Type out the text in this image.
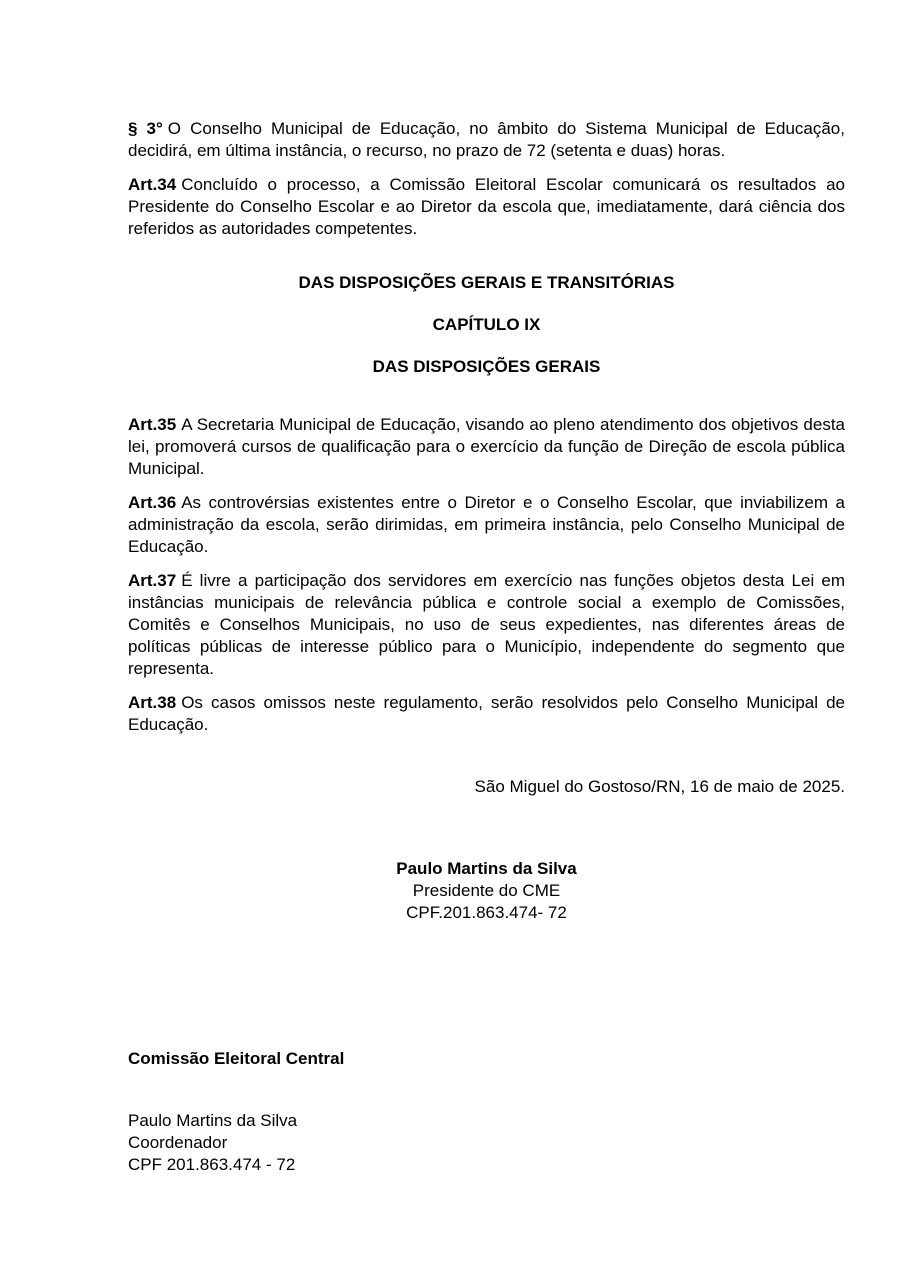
§ 3° O Conselho Municipal de Educação, no âmbito do Sistema Municipal de Educação, decidirá, em última instância, o recurso, no prazo de 72 (setenta e duas) horas.

Art.34 Concluído o processo, a Comissão Eleitoral Escolar comunicará os resultados ao Presidente do Conselho Escolar e ao Diretor da escola que, imediatamente, dará ciência dos referidos as autoridades competentes.

DAS DISPOSIÇÕES GERAIS E TRANSITÓRIAS
CAPÍTULO IX
DAS DISPOSIÇÕES GERAIS

Art.35 A Secretaria Municipal de Educação, visando ao pleno atendimento dos objetivos desta lei, promoverá cursos de qualificação para o exercício da função de Direção de escola pública Municipal.

Art.36 As controvérsias existentes entre o Diretor e o Conselho Escolar, que inviabilizem a administração da escola, serão dirimidas, em primeira instância, pelo Conselho Municipal de Educação.

Art.37 É livre a participação dos servidores em exercício nas funções objetos desta Lei em instâncias municipais de relevância pública e controle social a exemplo de Comissões, Comitês e Conselhos Municipais, no uso de seus expedientes, nas diferentes áreas de políticas públicas de interesse público para o Município, independente do segmento que representa.

Art.38 Os casos omissos neste regulamento, serão resolvidos pelo Conselho Municipal de Educação.

São Miguel do Gostoso/RN, 16 de maio de 2025.
Paulo Martins da Silva
Presidente do CME
CPF.201.863.474- 72
Comissão Eleitoral Central
Paulo Martins da Silva
Coordenador
CPF 201.863.474 - 72
